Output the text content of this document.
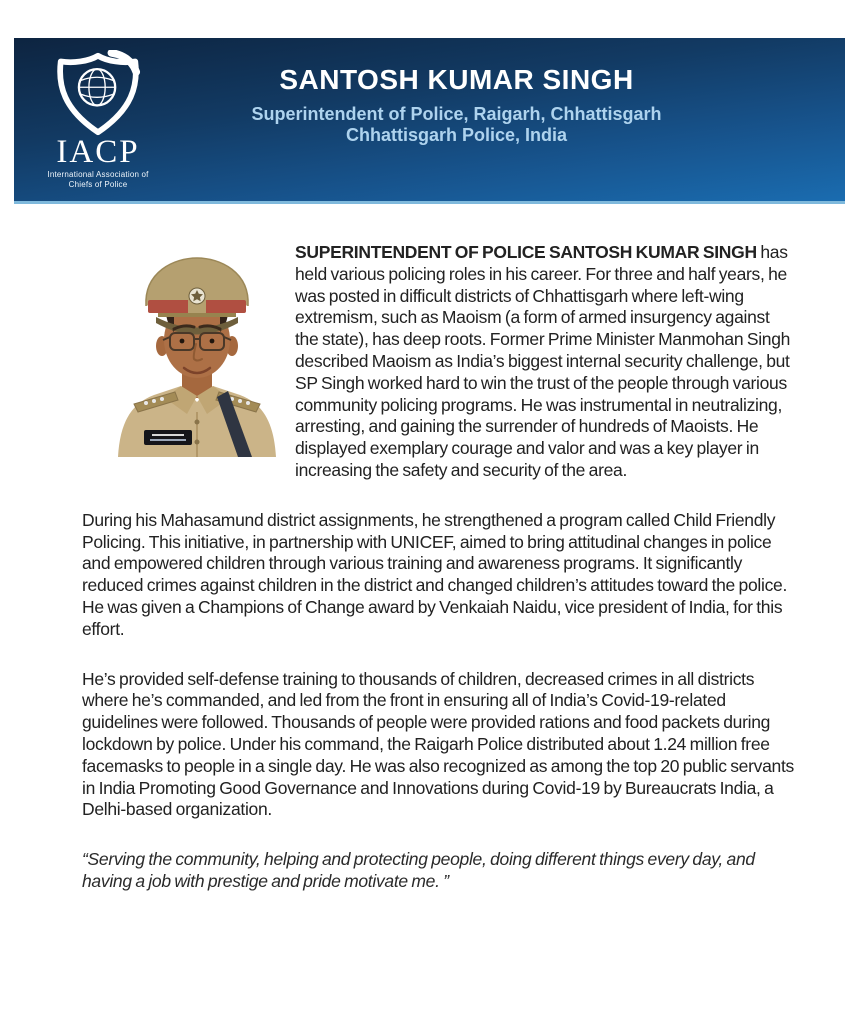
IACP
International Association of
Chiefs of Police
SANTOSH KUMAR SINGH
Superintendent of Police, Raigarh, Chhattisgarh
Chhattisgarh Police, India

SUPERINTENDENT OF POLICE SANTOSH KUMAR SINGH has held various policing roles in his career. For three and half years, he was posted in difficult districts of Chhattisgarh where left-wing extremism, such as Maoism (a form of armed insurgency against the state), has deep roots. Former Prime Minister Manmohan Singh described Maoism as India’s biggest internal security challenge, but SP Singh worked hard to win the trust of the people through various community policing programs. He was instrumental in neutralizing, arresting, and gaining the surrender of hundreds of Maoists. He displayed exemplary courage and valor and was a key player in increasing the safety and security of the area.

During his Mahasamund district assignments, he strengthened a program called Child Friendly Policing. This initiative, in partnership with UNICEF, aimed to bring attitudinal changes in police and empowered children through various training and awareness programs. It significantly reduced crimes against children in the district and changed children’s attitudes toward the police. He was given a Champions of Change award by Venkaiah Naidu, vice president of India, for this effort.

He’s provided self-defense training to thousands of children, decreased crimes in all districts where he’s commanded, and led from the front in ensuring all of India’s Covid-19-related guidelines were followed. Thousands of people were provided rations and food packets during lockdown by police. Under his command, the Raigarh Police distributed about 1.24 million free facemasks to people in a single day. He was also recognized as among the top 20 public servants in India Promoting Good Governance and Innovations during Covid-19 by Bureaucrats India, a Delhi-based organization.

“Serving the community, helping and protecting people, doing different things every day, and having a job with prestige and pride motivate me. ”
